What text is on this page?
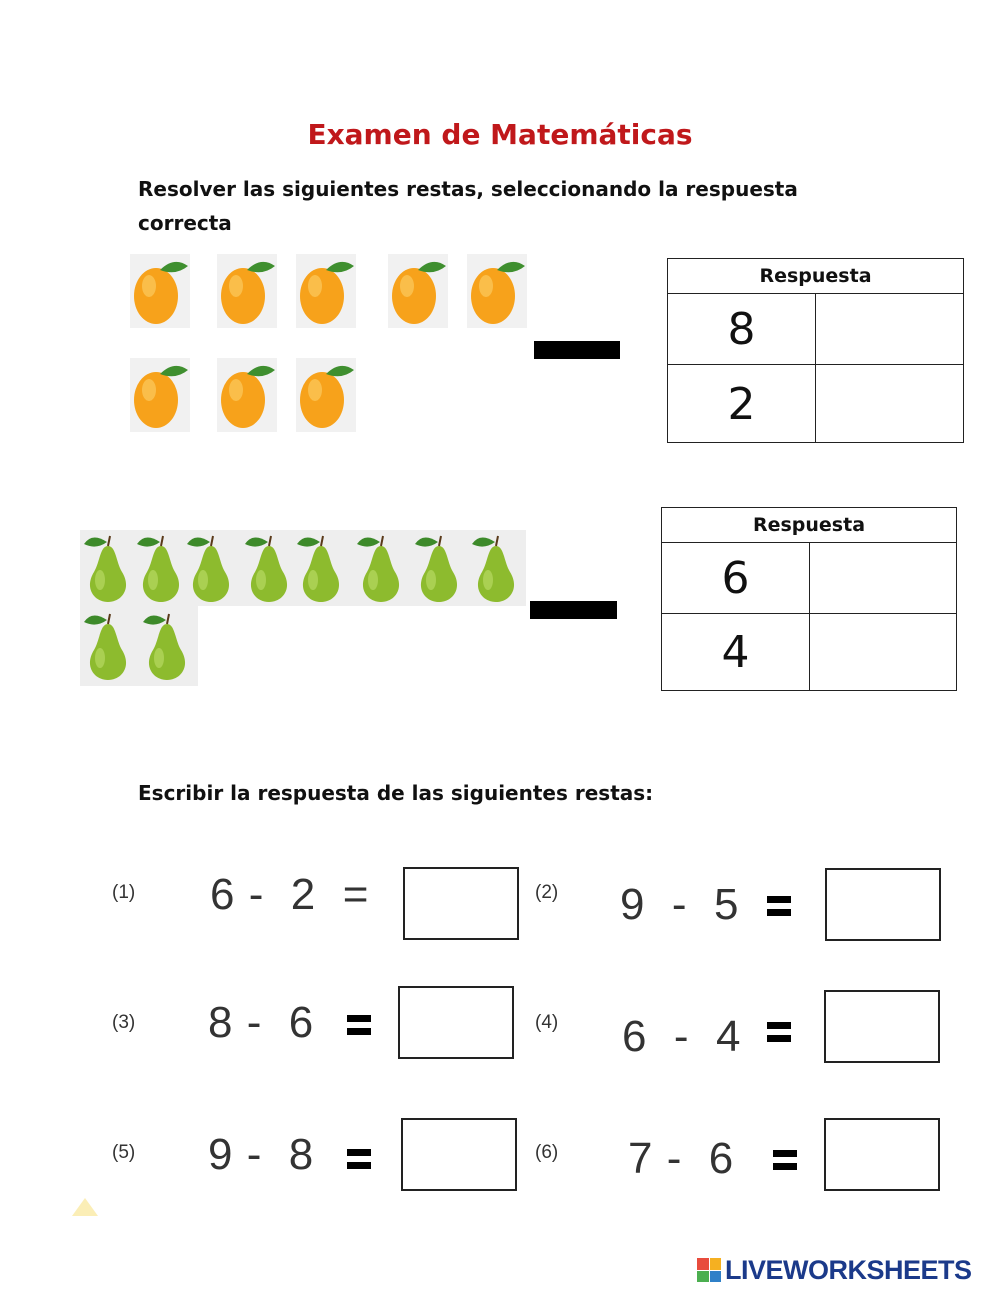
Examen de Matemáticas
Resolver las siguientes restas, seleccionando la respuesta correcta
Respuesta
8
2
Respuesta
6
4
Escribir la respuesta de las siguientes restas:
(1) 6 -  2  =	(2) 9  -  5
(3) 8 -  6	(4) 6  -  4
(5) 9 -  8	(6) 7 -  6
LIVEWORKSHEETS
